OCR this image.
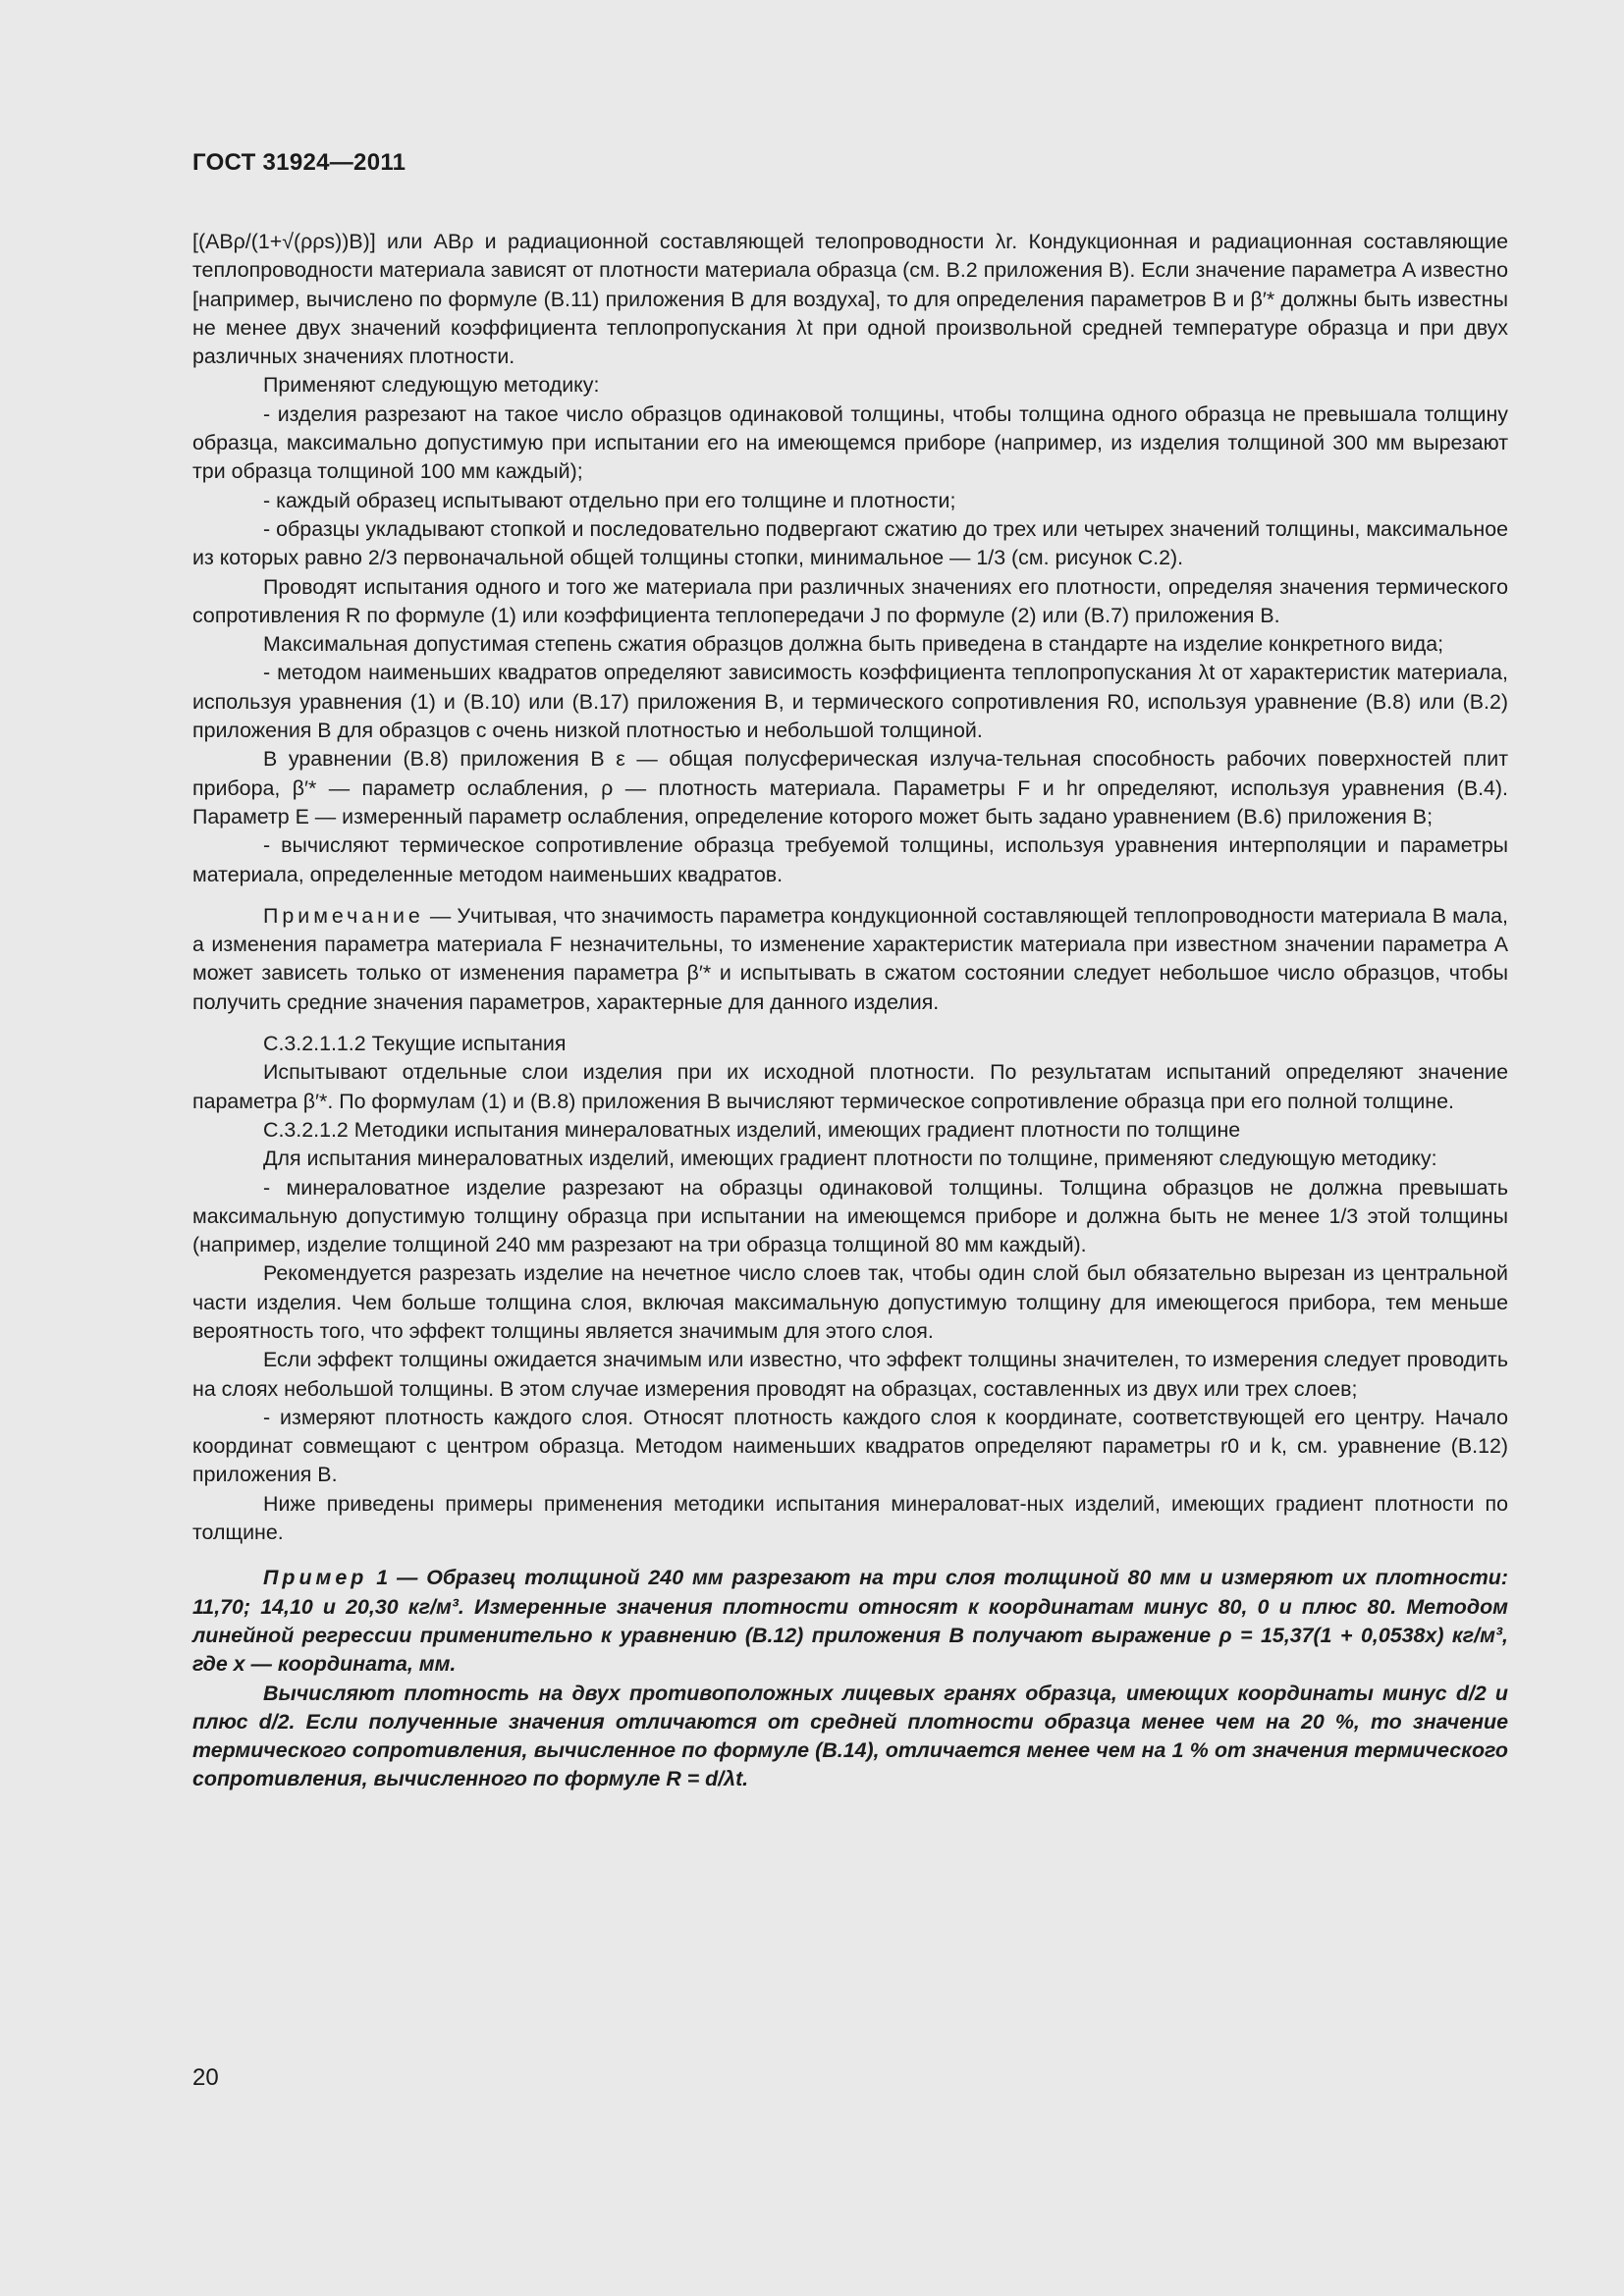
ГОСТ 31924—2011

[(ABρ/(1+√(ρρs))B)] или ABρ и радиационной составляющей телопроводности λr. Кондукционная и радиационная составляющие теплопроводности материала зависят от плотности материала образца (см. В.2 приложения В). Если значение параметра A известно [например, вычислено по формуле (В.11) приложения В для воздуха], то для определения параметров B и β′* должны быть известны не менее двух значений коэффициента теплопропускания λt при одной произвольной средней температуре образца и при двух различных значениях плотности.

Применяют следующую методику:

- изделия разрезают на такое число образцов одинаковой толщины, чтобы толщина одного образца не превышала толщину образца, максимально допустимую при испытании его на имеющемся приборе (например, из изделия толщиной 300 мм вырезают три образца толщиной 100 мм каждый);

- каждый образец испытывают отдельно при его толщине и плотности;

- образцы укладывают стопкой и последовательно подвергают сжатию до трех или четырех значений толщины, максимальное из которых равно 2/3 первоначальной общей толщины стопки, минимальное — 1/3 (см. рисунок С.2).

Проводят испытания одного и того же материала при различных значениях его плотности, определяя значения термического сопротивления R по формуле (1) или коэффициента теплопередачи J по формуле (2) или (В.7) приложения В.

Максимальная допустимая степень сжатия образцов должна быть приведена в стандарте на изделие конкретного вида;

- методом наименьших квадратов определяют зависимость коэффициента теплопропускания λt от характеристик материала, используя уравнения (1) и (В.10) или (В.17) приложения В, и термического сопротивления R0, используя уравнение (В.8) или (В.2) приложения В для образцов с очень низкой плотностью и небольшой толщиной.

В уравнении (В.8) приложения В ε — общая полусферическая излуча-тельная способность рабочих поверхностей плит прибора, β′* — параметр ослабления, ρ — плотность материала. Параметры F и hr определяют, используя уравнения (В.4). Параметр E — измеренный параметр ослабления, определение которого может быть задано уравнением (В.6) приложения В;

- вычисляют термическое сопротивление образца требуемой толщины, используя уравнения интерполяции и параметры материала, определенные методом наименьших квадратов.

Примечание — Учитывая, что значимость параметра кондукционной составляющей теплопроводности материала B мала, а изменения параметра материала F незначительны, то изменение характеристик материала при известном значении параметра А может зависеть только от изменения параметра β′* и испытывать в сжатом состоянии следует небольшое число образцов, чтобы получить средние значения параметров, характерные для данного изделия.

С.3.2.1.1.2 Текущие испытания

Испытывают отдельные слои изделия при их исходной плотности. По результатам испытаний определяют значение параметра β′*. По формулам (1) и (В.8) приложения В вычисляют термическое сопротивление образца при его полной толщине.

С.3.2.1.2 Методики испытания минераловатных изделий, имеющих градиент плотности по толщине

Для испытания минераловатных изделий, имеющих градиент плотности по толщине, применяют следующую методику:

- минераловатное изделие разрезают на образцы одинаковой толщины. Толщина образцов не должна превышать максимальную допустимую толщину образца при испытании на имеющемся приборе и должна быть не менее 1/3 этой толщины (например, изделие толщиной 240 мм разрезают на три образца толщиной 80 мм каждый).

Рекомендуется разрезать изделие на нечетное число слоев так, чтобы один слой был обязательно вырезан из центральной части изделия. Чем больше толщина слоя, включая максимальную допустимую толщину для имеющегося прибора, тем меньше вероятность того, что эффект толщины является значимым для этого слоя.

Если эффект толщины ожидается значимым или известно, что эффект толщины значителен, то измерения следует проводить на слоях небольшой толщины. В этом случае измерения проводят на образцах, составленных из двух или трех слоев;

- измеряют плотность каждого слоя. Относят плотность каждого слоя к координате, соответствующей его центру. Начало координат совмещают с центром образца. Методом наименьших квадратов определяют параметры r0 и k, см. уравнение (В.12) приложения В.

Ниже приведены примеры применения методики испытания минераловат-ных изделий, имеющих градиент плотности по толщине.

Пример 1 — Образец толщиной 240 мм разрезают на три слоя толщиной 80 мм и измеряют их плотности: 11,70; 14,10 и 20,30 кг/м³. Измеренные значения плотности относят к координатам минус 80, 0 и плюс 80. Методом линейной регрессии применительно к уравнению (В.12) приложения В получают выражение ρ = 15,37(1 + 0,0538x) кг/м³, где x — координата, мм.

Вычисляют плотность на двух противоположных лицевых гранях образца, имеющих координаты минус d/2 и плюс d/2. Если полученные значения отличаются от средней плотности образца менее чем на 20 %, то значение термического сопротивления, вычисленное по формуле (В.14), отличается менее чем на 1 % от значения термического сопротивления, вычисленного по формуле R = d/λt.

20
